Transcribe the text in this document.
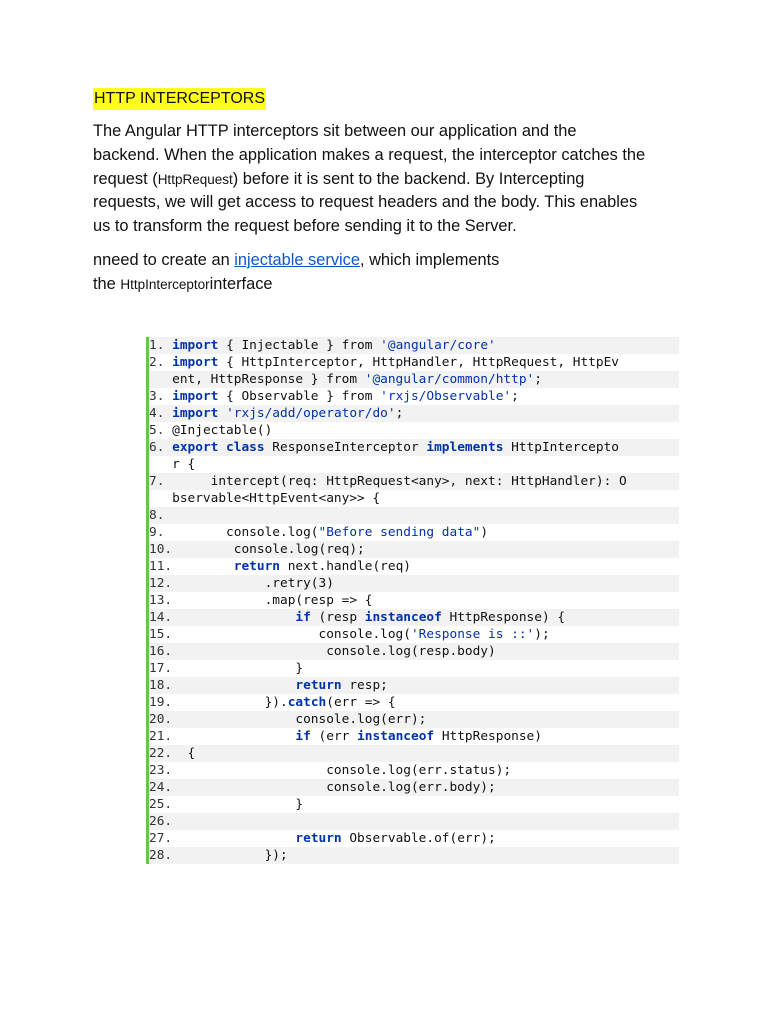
HTTP INTERCEPTORS

The Angular HTTP interceptors sit between our application and the

backend. When the application makes a request, the interceptor catches the

request (HttpRequest) before it is sent to the backend. By Intercepting

requests, we will get access to request headers and the body. This enables

us to transform the request before sending it to the Server.

nneed to create an injectable service, which implements

the HttpInterceptorinterface

1. import { Injectable } from '@angular/core'
2. import { HttpInterceptor, HttpHandler, HttpRequest, HttpEv
ent, HttpResponse } from '@angular/common/http';
3. import { Observable } from 'rxjs/Observable';
4. import 'rxjs/add/operator/do';
5. @Injectable()
6. export class ResponseInterceptor implements HttpIntercepto
r {
7.      intercept(req: HttpRequest<any>, next: HttpHandler): O
bservable<HttpEvent<any>> {
8.
9.        console.log("Before sending data")
10.        console.log(req);
11.	return next.handle(req)
12.            .retry(3)
13.            .map(resp => {
14.	if (resp instanceof HttpResponse) {
15.                   console.log('Response is ::');
16.                    console.log(resp.body)
17.                }
18.	return resp;
19.            }).catch(err => {
20.                console.log(err);
21.	if (err instanceof HttpResponse)
22.  {
23.                    console.log(err.status);
24.                    console.log(err.body);
25.                }
26.
27.	return Observable.of(err);
28.            });
